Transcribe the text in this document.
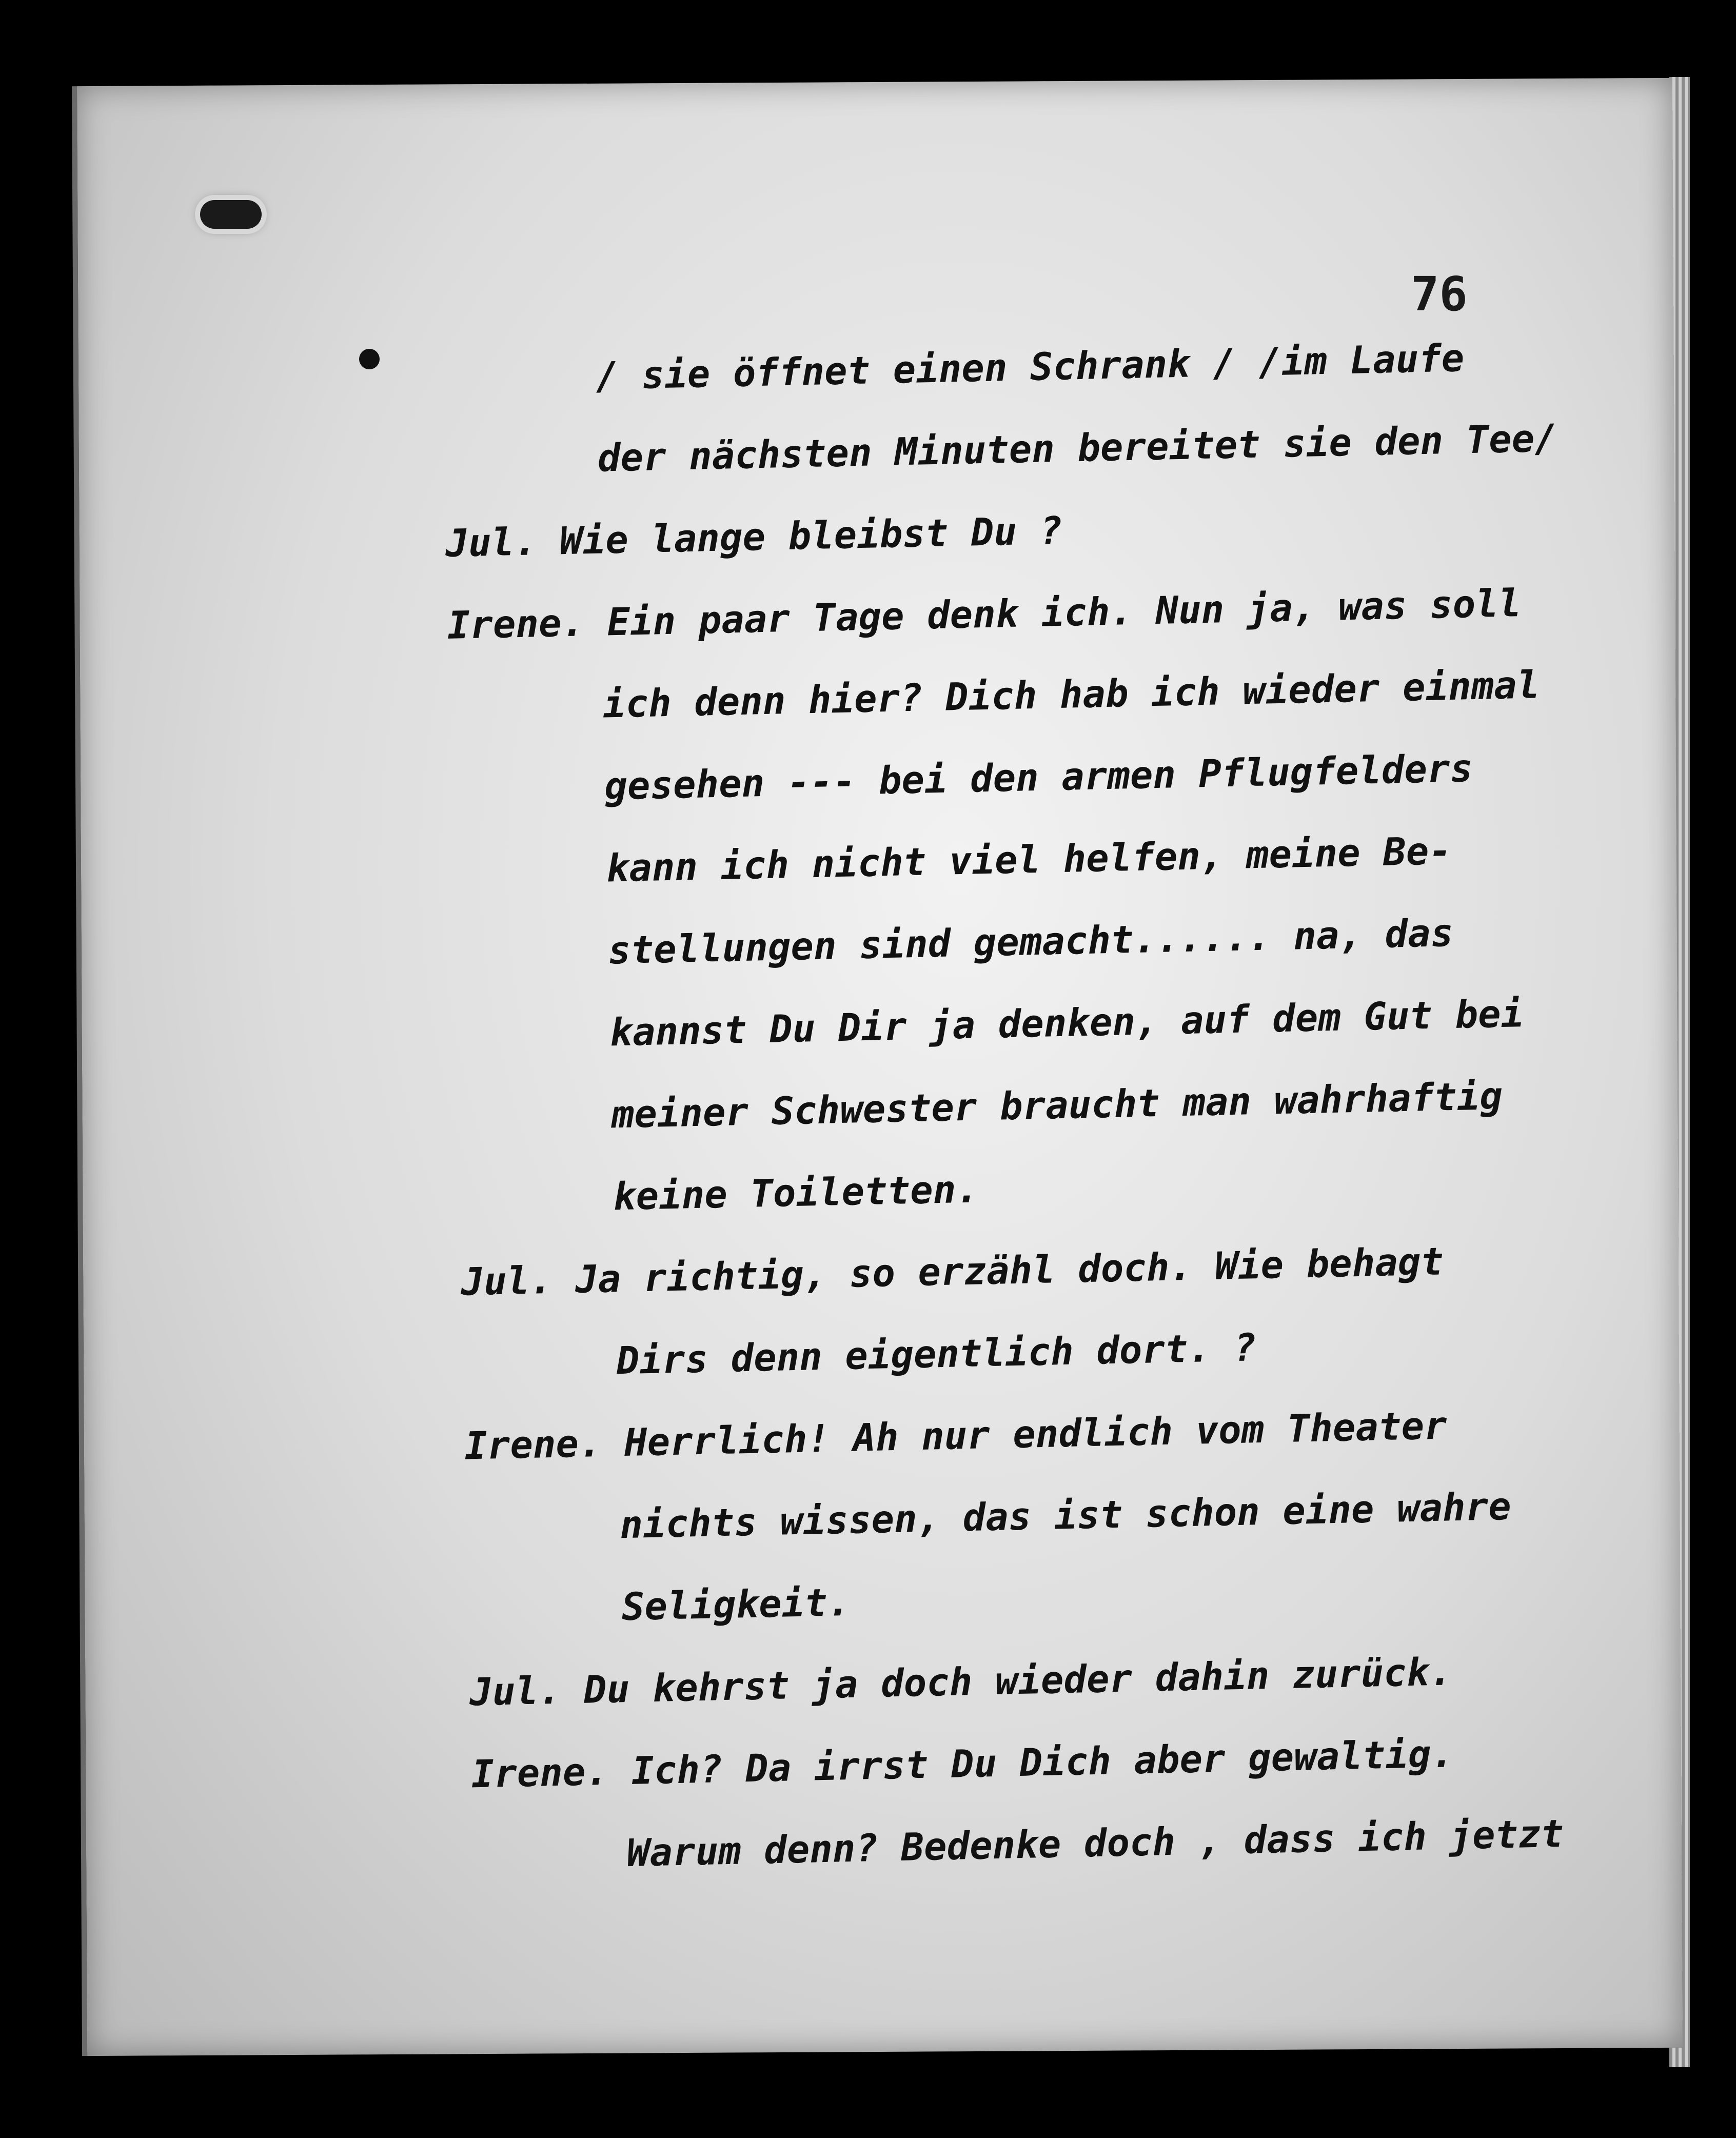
76
/ sie öffnet einen Schrank / /im Laufe
der nächsten Minuten bereitet sie den Tee/
Jul. Wie lange bleibst Du ?
Irene. Ein paar Tage denk ich. Nun ja, was soll
ich denn hier? Dich hab ich wieder einmal
gesehen --- bei den armen Pflugfelders
kann ich nicht viel helfen, meine Be-
stellungen sind gemacht...... na, das
kannst Du Dir ja denken, auf dem Gut bei
meiner Schwester braucht man wahrhaftig
keine Toiletten.
Jul. Ja richtig, so erzähl doch. Wie behagt
Dirs denn eigentlich dort. ?
Irene. Herrlich! Ah nur endlich vom Theater
nichts wissen, das ist schon eine wahre
Seligkeit.
Jul. Du kehrst ja doch wieder dahin zurück.
Irene. Ich? Da irrst Du Dich aber gewaltig.
Warum denn? Bedenke doch , dass ich jetzt
